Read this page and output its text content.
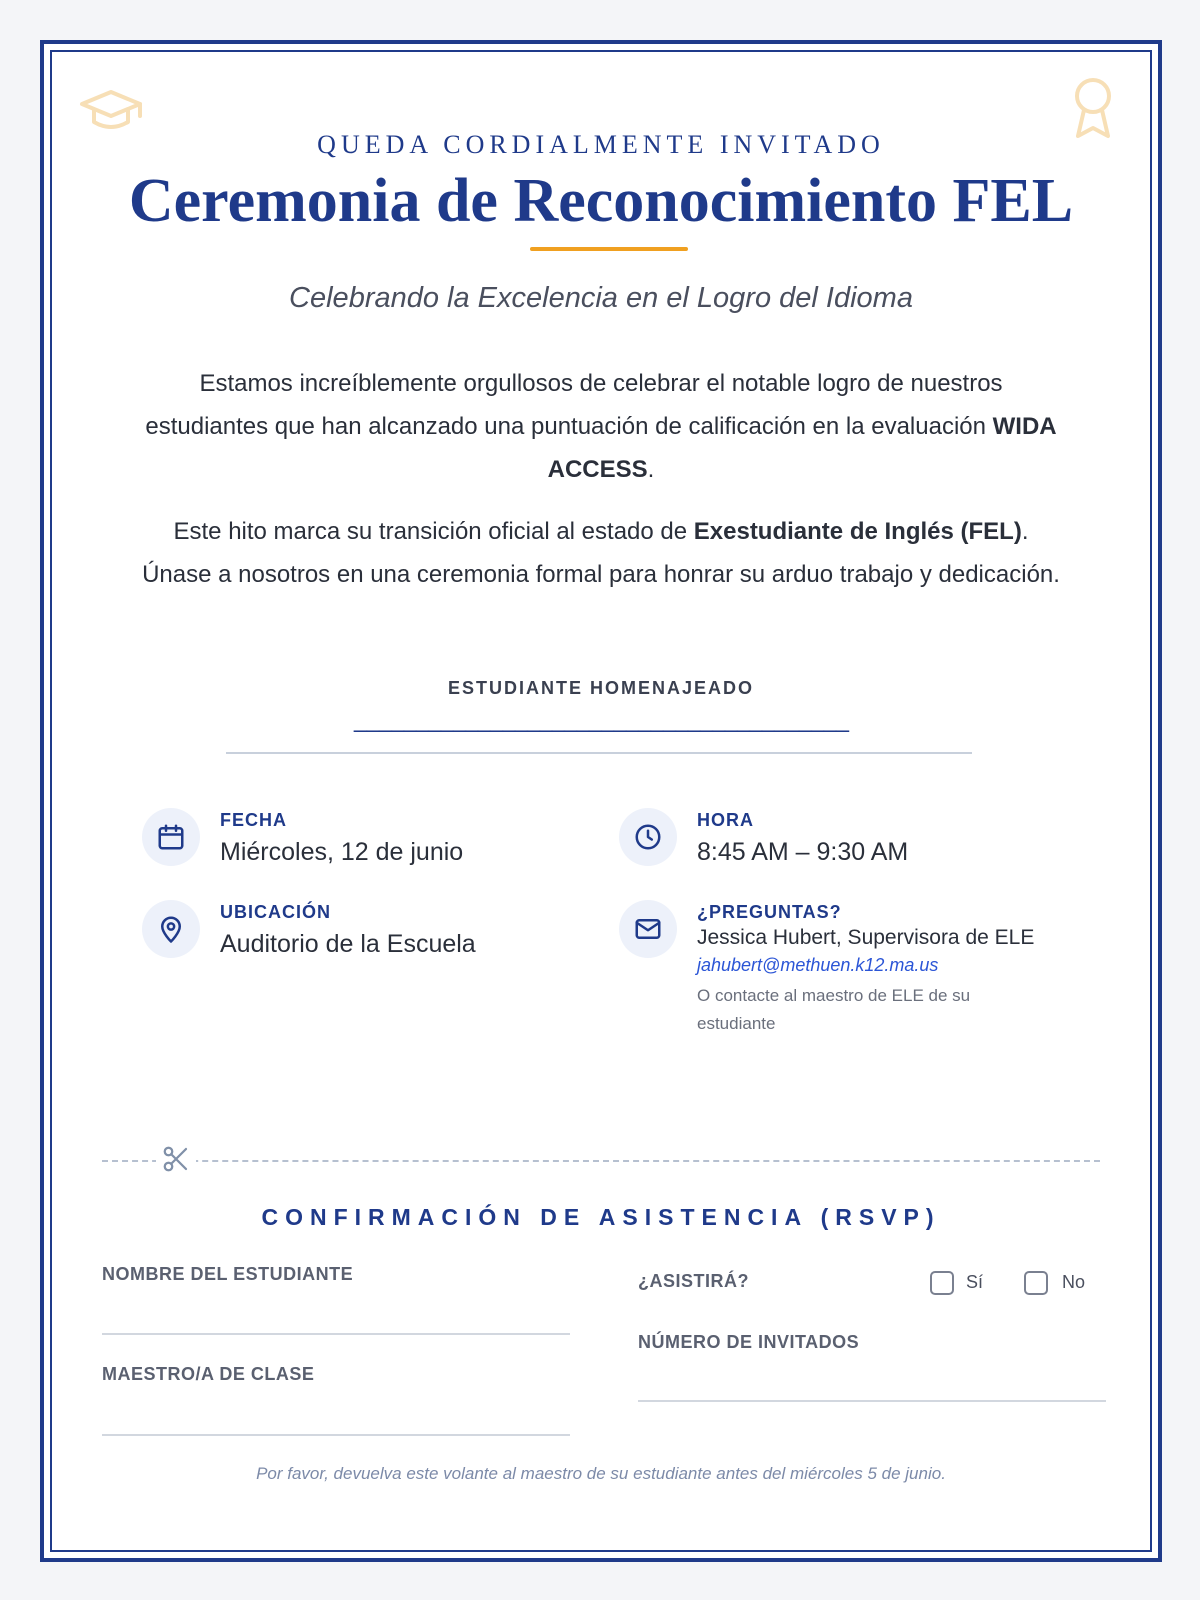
QUEDA CORDIALMENTE INVITADO
Ceremonia de Reconocimiento FEL
Celebrando la Excelencia en el Logro del Idioma
Estamos increíblemente orgullosos de celebrar el notable logro de nuestros estudiantes que han alcanzado una puntuación de calificación en la evaluación WIDA ACCESS.
Este hito marca su transición oficial al estado de Exestudiante de Inglés (FEL). Únase a nosotros en una ceremonia formal para honrar su arduo trabajo y dedicación.
ESTUDIANTE HOMENAJEADO
________________________________________
FECHA
Miércoles, 12 de junio
HORA
8:45 AM – 9:30 AM
UBICACIÓN
Auditorio de la Escuela
¿PREGUNTAS?
Jessica Hubert, Supervisora de ELE
jahubert@methuen.k12.ma.us
O contacte al maestro de ELE de su estudiante
CONFIRMACIÓN DE ASISTENCIA (RSVP)
NOMBRE DEL ESTUDIANTE
MAESTRO/A DE CLASE
¿ASISTIRÁ?	Sí	No
NÚMERO DE INVITADOS
Por favor, devuelva este volante al maestro de su estudiante antes del miércoles 5 de junio.
